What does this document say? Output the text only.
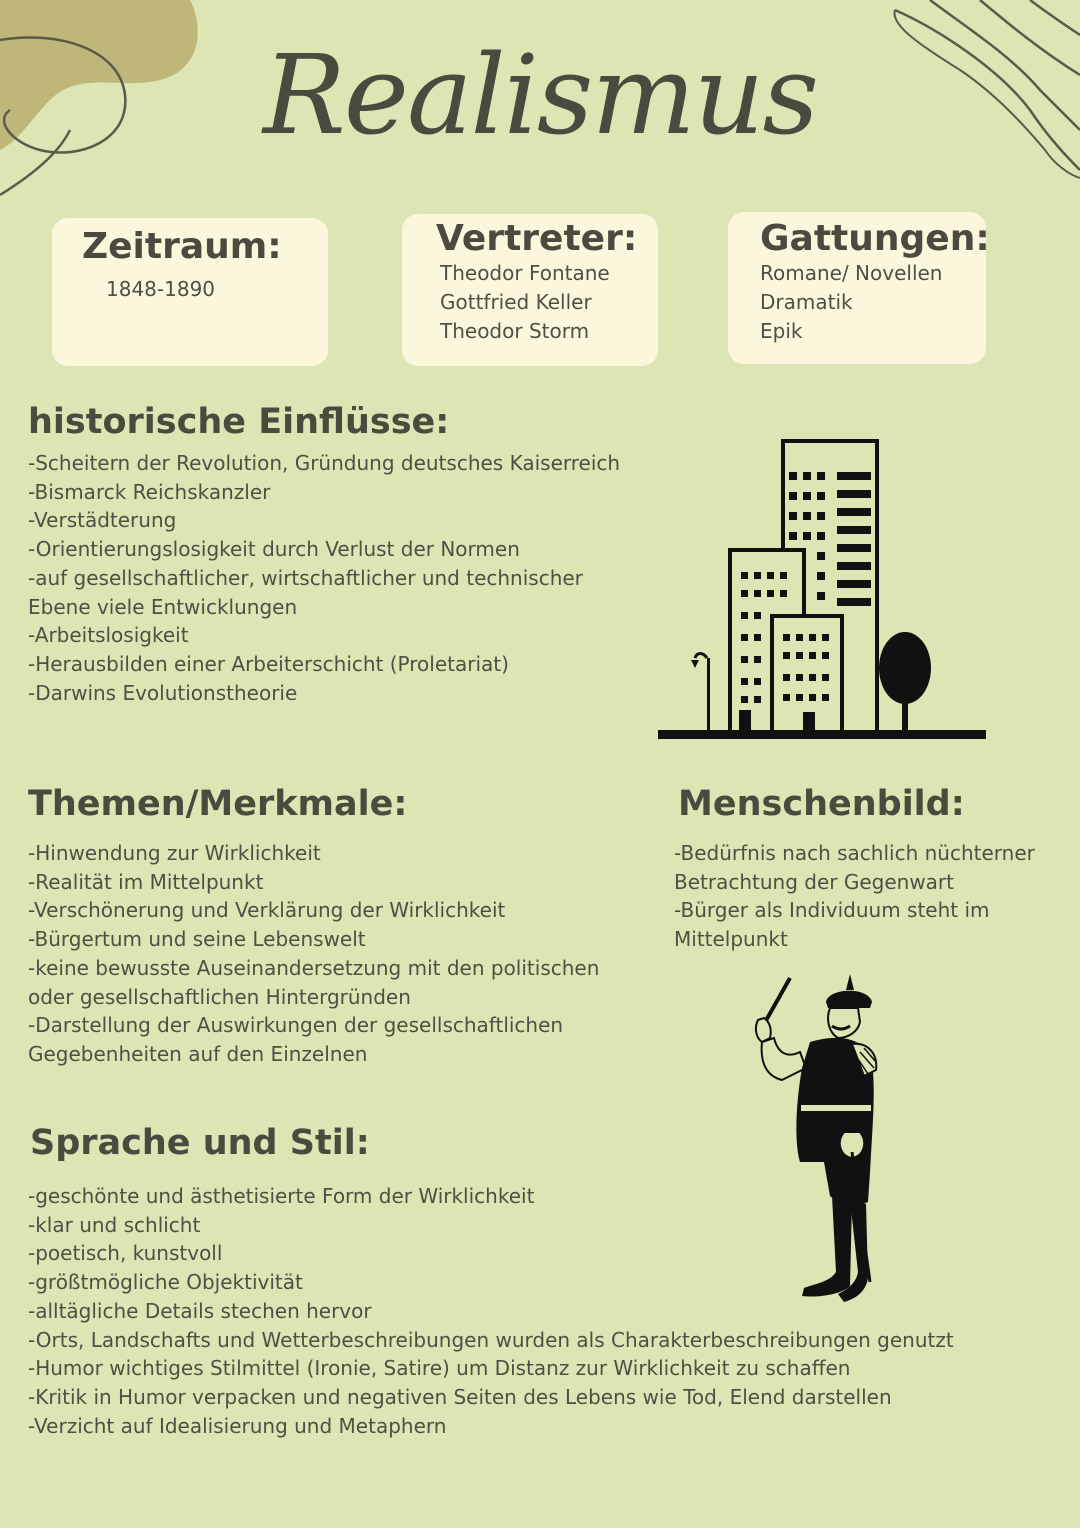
Realismus
Zeitraum:
1848-1890
Vertreter:
Theodor Fontane
Gottfried Keller
Theodor Storm
Gattungen:
Romane/ Novellen
Dramatik
Epik
historische Einflüsse:
-Scheitern der Revolution, Gründung deutsches Kaiserreich
-Bismarck Reichskanzler
-Verstädterung
-Orientierungslosigkeit durch Verlust der Normen
-auf gesellschaftlicher, wirtschaftlicher und technischer
Ebene viele Entwicklungen
-Arbeitslosigkeit
-Herausbilden einer Arbeiterschicht (Proletariat)
-Darwins Evolutionstheorie
Themen/Merkmale:
-Hinwendung zur Wirklichkeit
-Realität im Mittelpunkt
-Verschönerung und Verklärung der Wirklichkeit
-Bürgertum und seine Lebenswelt
-keine bewusste Auseinandersetzung mit den politischen
oder gesellschaftlichen Hintergründen
-Darstellung der Auswirkungen der gesellschaftlichen
Gegebenheiten auf den Einzelnen
Menschenbild:
-Bedürfnis nach sachlich nüchterner
Betrachtung der Gegenwart
-Bürger als Individuum steht im
Mittelpunkt
Sprache und Stil:
-geschönte und ästhetisierte Form der Wirklichkeit
-klar und schlicht
-poetisch, kunstvoll
-größtmögliche Objektivität
-alltägliche Details stechen hervor
-Orts, Landschafts und Wetterbeschreibungen wurden als Charakterbeschreibungen genutzt
-Humor wichtiges Stilmittel (Ironie, Satire) um Distanz zur Wirklichkeit zu schaffen
-Kritik in Humor verpacken und negativen Seiten des Lebens wie Tod, Elend darstellen
-Verzicht auf Idealisierung und Metaphern
